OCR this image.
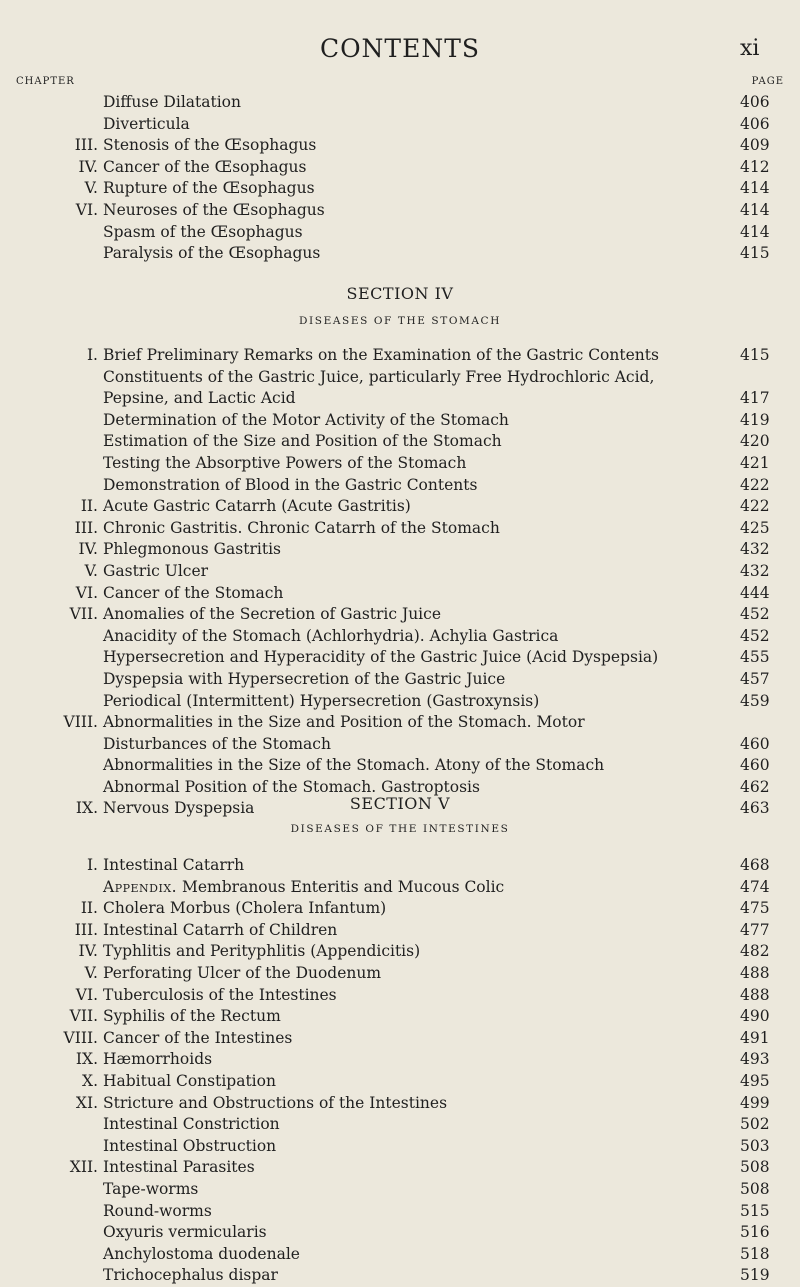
CONTENTS	xi
CHAPTER	PAGE
Diffuse Dilatation	406
Diverticula	406
III. Stenosis of the Œsophagus	409
IV. Cancer of the Œsophagus	412
V. Rupture of the Œsophagus	414
VI. Neuroses of the Œsophagus	414
Spasm of the Œsophagus	414
Paralysis of the Œsophagus	415
SECTION IV
DISEASES OF THE STOMACH
I. Brief Preliminary Remarks on the Examination of the Gastric Contents	415
Constituents of the Gastric Juice, particularly Free Hydrochloric Acid, Pepsine, and Lactic Acid	417
Determination of the Motor Activity of the Stomach	419
Estimation of the Size and Position of the Stomach	420
Testing the Absorptive Powers of the Stomach	421
Demonstration of Blood in the Gastric Contents	422
II. Acute Gastric Catarrh (Acute Gastritis)	422
III. Chronic Gastritis. Chronic Catarrh of the Stomach	425
IV. Phlegmonous Gastritis	432
V. Gastric Ulcer	432
VI. Cancer of the Stomach	444
VII. Anomalies of the Secretion of Gastric Juice	452
Anacidity of the Stomach (Achlorhydria). Achylia Gastrica	452
Hypersecretion and Hyperacidity of the Gastric Juice (Acid Dyspepsia)	455
Dyspepsia with Hypersecretion of the Gastric Juice	457
Periodical (Intermittent) Hypersecretion (Gastroxynsis)	459
VIII. Abnormalities in the Size and Position of the Stomach. Motor Disturbances of the Stomach	460
Abnormalities in the Size of the Stomach. Atony of the Stomach	460
Abnormal Position of the Stomach. Gastroptosis	462
IX. Nervous Dyspepsia	463
SECTION V
DISEASES OF THE INTESTINES
I. Intestinal Catarrh	468
Appendix. Membranous Enteritis and Mucous Colic	474
II. Cholera Morbus (Cholera Infantum)	475
III. Intestinal Catarrh of Children	477
IV. Typhlitis and Perityphlitis (Appendicitis)	482
V. Perforating Ulcer of the Duodenum	488
VI. Tuberculosis of the Intestines	488
VII. Syphilis of the Rectum	490
VIII. Cancer of the Intestines	491
IX. Hæmorrhoids	493
X. Habitual Constipation	495
XI. Stricture and Obstructions of the Intestines	499
Intestinal Constriction	502
Intestinal Obstruction	503
XII. Intestinal Parasites	508
Tape-worms	508
Round-worms	515
Oxyuris vermicularis	516
Anchylostoma duodenale	518
Trichocephalus dispar	519
